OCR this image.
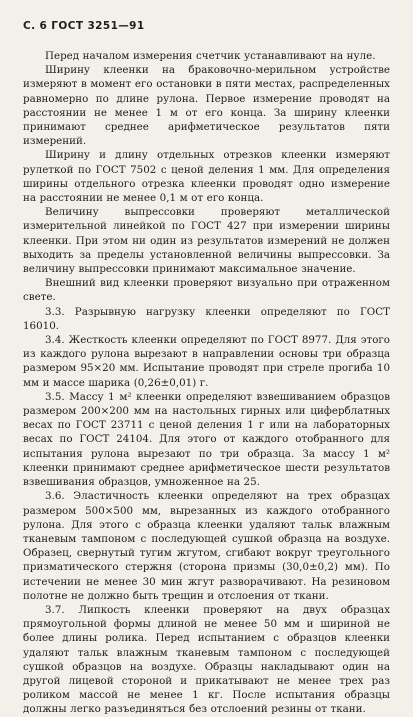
С. 6 ГОСТ 3251—91

Перед началом измерения счетчик устанавливают на нуле.

Ширину клеенки на браковочно-мерильном устройстве измеряют в момент его остановки в пяти местах, распределенных равномерно по длине рулона. Первое измерение проводят на расстоянии не менее 1 м от его конца. За ширину клеенки принимают среднее арифметическое результатов пяти измерений.

Ширину и длину отдельных отрезков клеенки измеряют рулеткой по ГОСТ 7502 с ценой деления 1 мм. Для определения ширины отдельного отрезка клеенки проводят одно измерение на расстоянии не менее 0,1 м от его конца.

Величину выпрессовки проверяют металлической измерительной линейкой по ГОСТ 427 при измерении ширины клеенки. При этом ни один из результатов измерений не должен выходить за пределы установленной величины выпрессовки. За величину выпрессовки принимают максимальное значение.

Внешний вид клеенки проверяют визуально при отраженном свете.

3.3. Разрывную нагрузку клеенки определяют по ГОСТ 16010.

3.4. Жесткость клеенки определяют по ГОСТ 8977. Для этого из каждого рулона вырезают в направлении основы три образца размером 95×20 мм. Испытание проводят при стреле прогиба 10 мм и массе шарика (0,26±0,01) г.

3.5. Массу 1 м² клеенки определяют взвешиванием образцов размером 200×200 мм на настольных гирных или циферблатных весах по ГОСТ 23711 с ценой деления 1 г или на лабораторных весах по ГОСТ 24104. Для этого от каждого отобранного для испытания рулона вырезают по три образца. За массу 1 м² клеенки принимают среднее арифметическое шести результатов взвешивания образцов, умноженное на 25.

3.6. Эластичность клеенки определяют на трех образцах размером 500×500 мм, вырезанных из каждого отобранного рулона. Для этого с образца клеенки удаляют тальк влажным тканевым тампоном с последующей сушкой образца на воздухе. Образец, свернутый тугим жгутом, сгибают вокруг треугольного призматического стержня (сторона призмы (30,0±0,2) мм). По истечении не менее 30 мин жгут разворачивают. На резиновом полотне не должно быть трещин и отслоения от ткани.

3.7. Липкость клеенки проверяют на двух образцах прямоугольной формы длиной не менее 50 мм и шириной не более длины ролика. Перед испытанием с образцов клеенки удаляют тальк влажным тканевым тампоном с последующей сушкой образцов на воздухе. Образцы накладывают один на другой лицевой стороной и прикатывают не менее трех раз роликом массой не менее 1 кг. После испытания образцы должны легко разъединяться без отслоений резины от ткани.
